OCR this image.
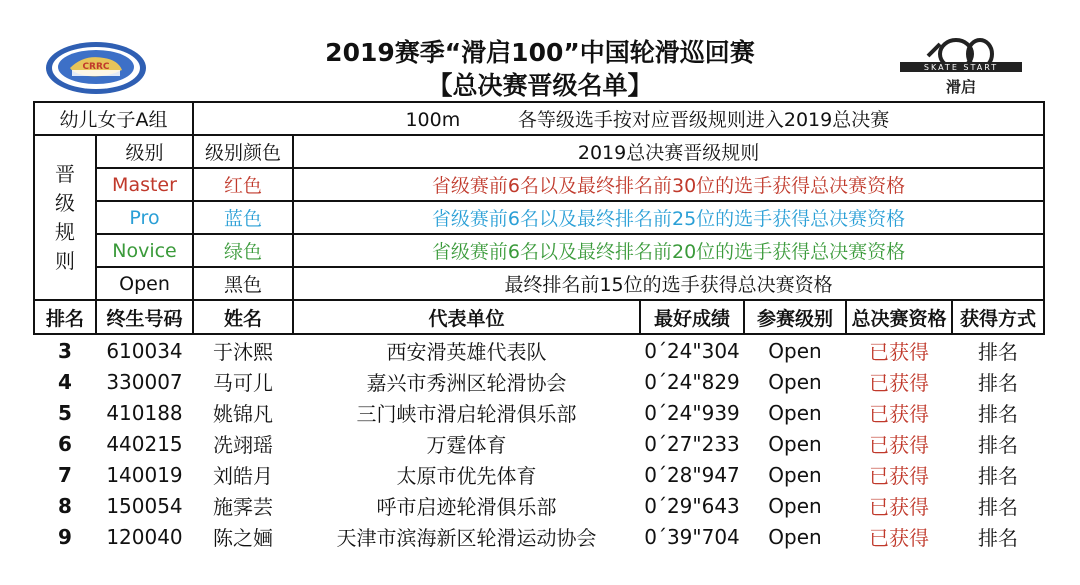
CRRC	2019赛季“滑启100”中国轮滑巡回赛
【总决赛晋级名单】
SKATE START
滑启
幼儿女子A组		100m 各等级选手按对应晋级规则进入2019总决赛					

晋
级
规
则	级别	级别颜色	2019总决赛晋级规则				
	Master	红色	省级赛前6名以及最终排名前30位的选手获得总决赛资格				
	Pro	蓝色	省级赛前6名以及最终排名前25位的选手获得总决赛资格				
	Novice	绿色	省级赛前6名以及最终排名前20位的选手获得总决赛资格				
	Open	黑色	最终排名前15位的选手获得总决赛资格				
排名	终生号码	姓名	代表单位	最好成绩	参赛级别	总决赛资格	获得方式
3	610034	于沐熙	西安滑英雄代表队	0ˊ24"304	Open	已获得	排名
4	330007	马可儿	嘉兴市秀洲区轮滑协会	0ˊ24"829	Open	已获得	排名
5	410188	姚锦凡	三门峡市滑启轮滑俱乐部	0ˊ24"939	Open	已获得	排名
6	440215	冼翊瑶	万霆体育	0ˊ27"233	Open	已获得	排名
7	140019	刘皓月	太原市优先体育	0ˊ28"947	Open	已获得	排名
8	150054	施霁芸	呼市启迹轮滑俱乐部	0ˊ29"643	Open	已获得	排名
9	120040	陈之婳	天津市滨海新区轮滑运动协会	0ˊ39"704	Open	已获得	排名
